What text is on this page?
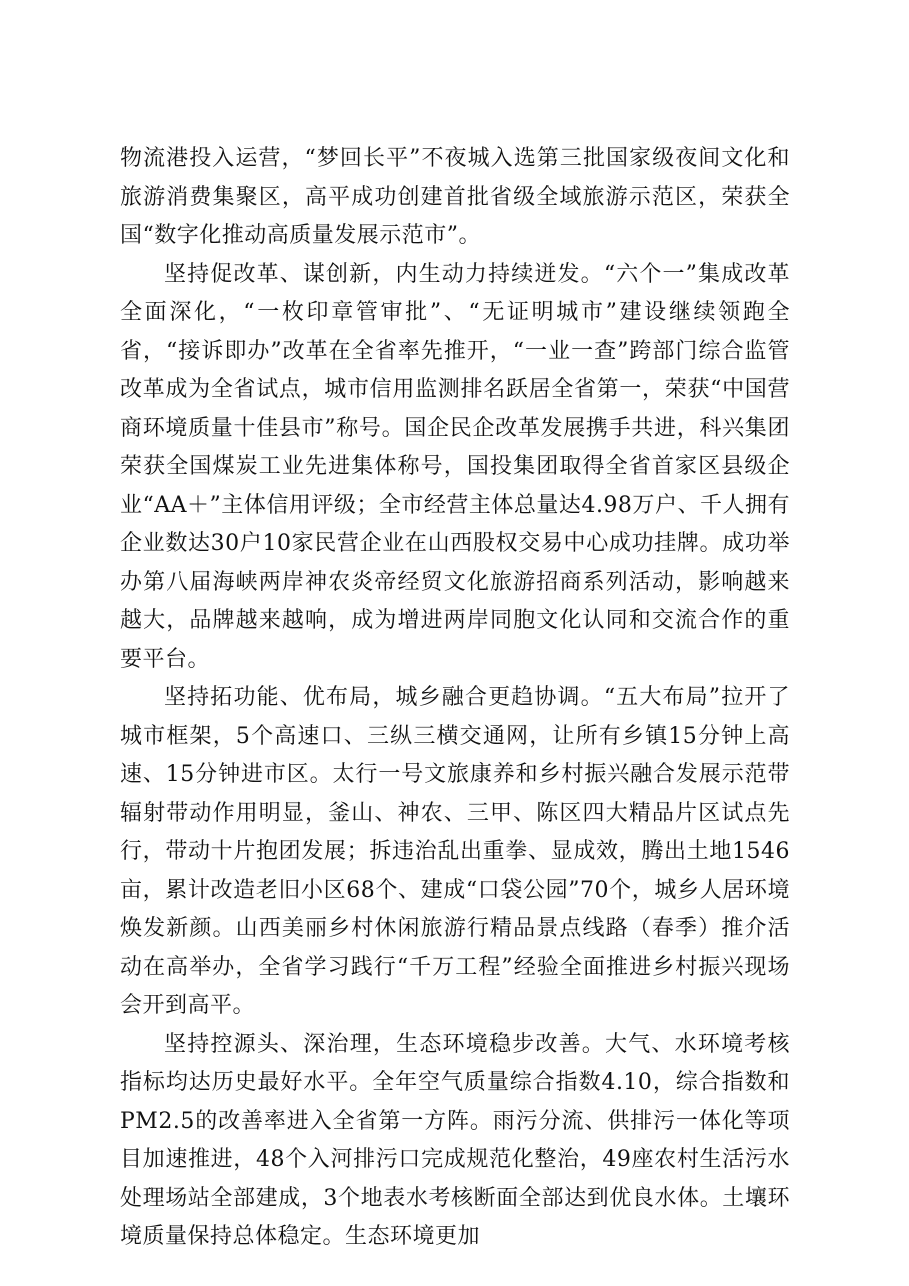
物流港投入运营，“梦回长平”不夜城入选第三批国家级夜间文化和旅游消费集聚区，高平成功创建首批省级全域旅游示范区，荣获全国“数字化推动高质量发展示范市”。

坚持促改革、谋创新，内生动力持续迸发。“六个一”集成改革全面深化，“一枚印章管审批”、“无证明城市”建设继续领跑全省，“接诉即办”改革在全省率先推开，“一业一查”跨部门综合监管改革成为全省试点，城市信用监测排名跃居全省第一，荣获“中国营商环境质量十佳县市”称号。国企民企改革发展携手共进，科兴集团荣获全国煤炭工业先进集体称号，国投集团取得全省首家区县级企业“AA＋”主体信用评级；全市经营主体总量达4.98万户、千人拥有企业数达30户10家民营企业在山西股权交易中心成功挂牌。成功举办第八届海峡两岸神农炎帝经贸文化旅游招商系列活动，影响越来越大，品牌越来越响，成为增进两岸同胞文化认同和交流合作的重要平台。

坚持拓功能、优布局，城乡融合更趋协调。“五大布局”拉开了城市框架，5个高速口、三纵三横交通网，让所有乡镇15分钟上高速、15分钟进市区。太行一号文旅康养和乡村振兴融合发展示范带辐射带动作用明显，釜山、神农、三甲、陈区四大精品片区试点先行，带动十片抱团发展；拆违治乱出重拳、显成效，腾出土地1546亩，累计改造老旧小区68个、建成“口袋公园”70个，城乡人居环境焕发新颜。山西美丽乡村休闲旅游行精品景点线路（春季）推介活动在高举办，全省学习践行“千万工程”经验全面推进乡村振兴现场会开到高平。

坚持控源头、深治理，生态环境稳步改善。大气、水环境考核指标均达历史最好水平。全年空气质量综合指数4.10，综合指数和PM2.5的改善率进入全省第一方阵。雨污分流、供排污一体化等项目加速推进，48个入河排污口完成规范化整治，49座农村生活污水处理场站全部建成，3个地表水考核断面全部达到优良水体。土壤环境质量保持总体稳定。生态环境更加
